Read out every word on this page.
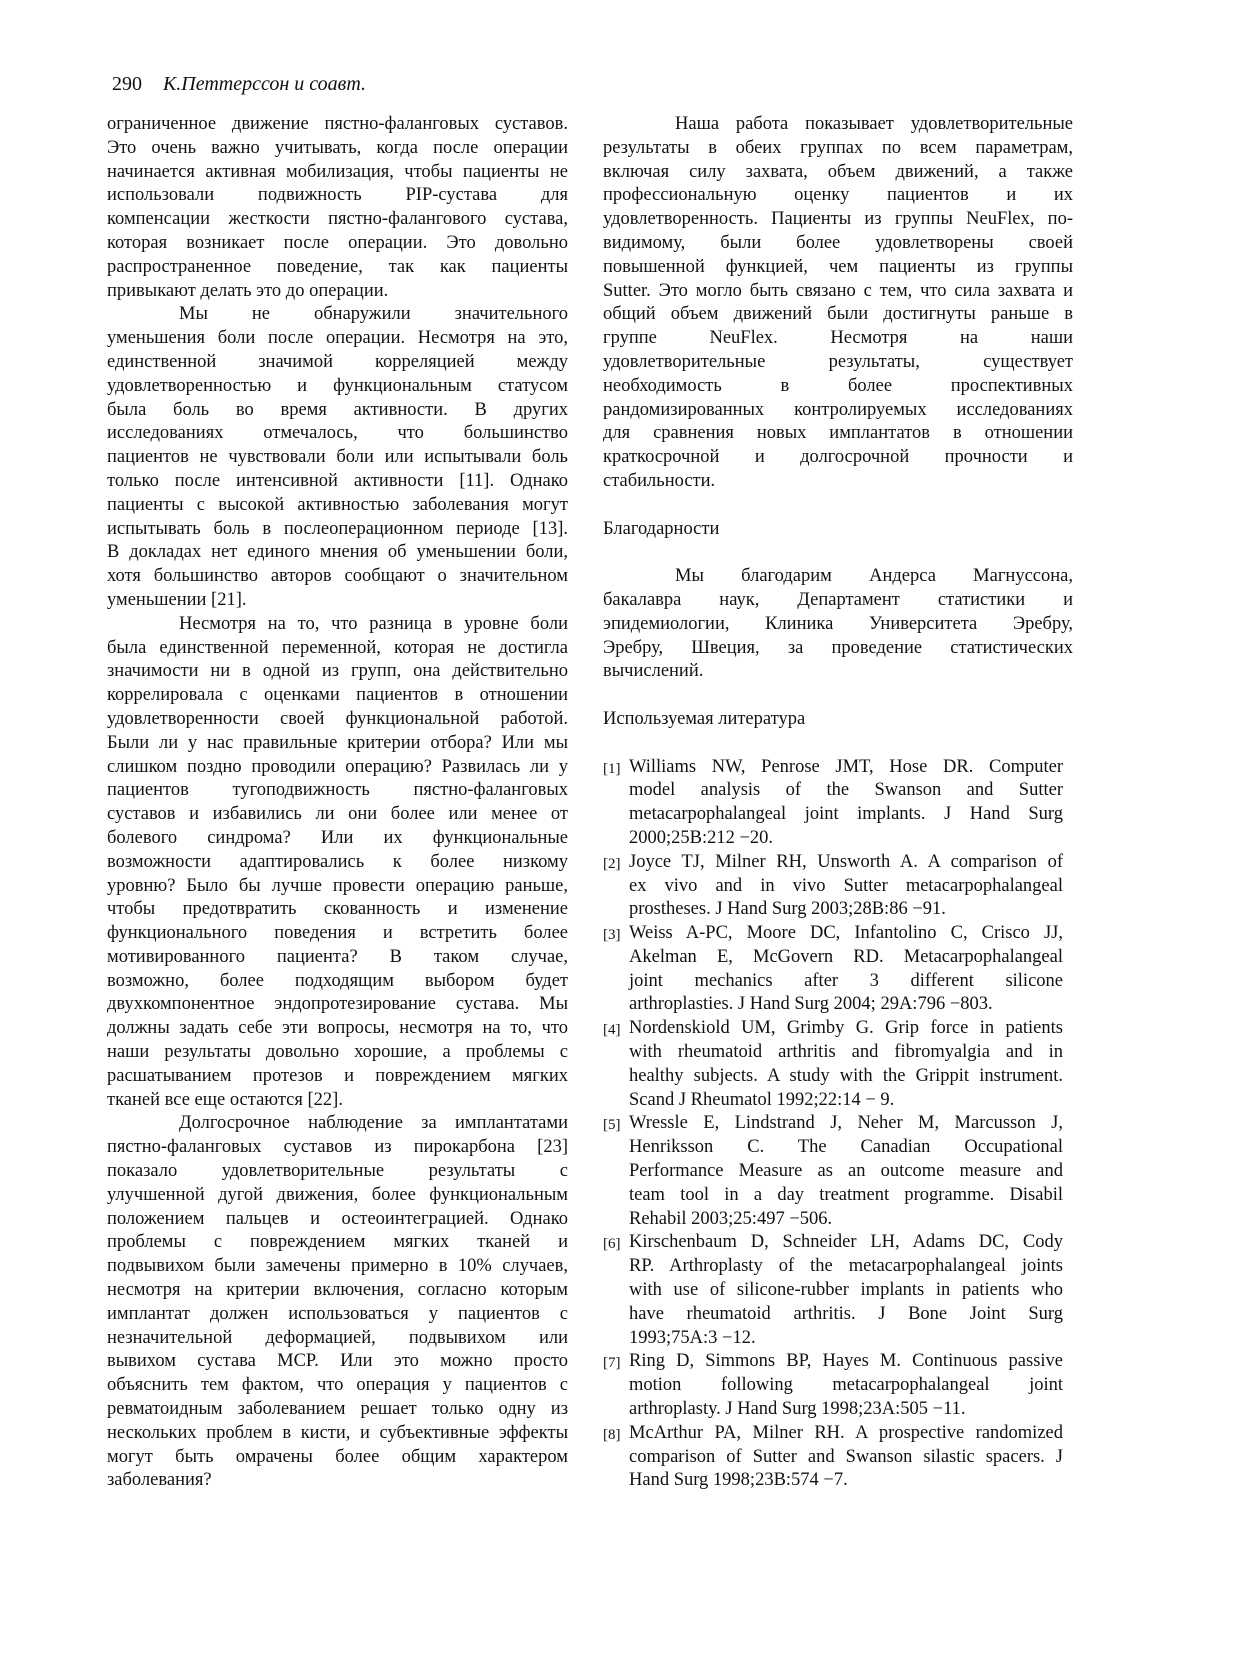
290 К.Петтерссон и соавт.
ограниченное движение пястно-фаланговых суставов.
Это очень важно учитывать, когда после операции
начинается активная мобилизация, чтобы пациенты не
использовали подвижность PIP-сустава для
компенсации жесткости пястно-фалангового сустава,
которая возникает после операции. Это довольно
распространенное поведение, так как пациенты
привыкают делать это до операции.
Мы не обнаружили значительного
уменьшения боли после операции. Несмотря на это,
единственной значимой корреляцией между
удовлетворенностью и функциональным статусом
была боль во время активности. В других
исследованиях отмечалось, что большинство
пациентов не чувствовали боли или испытывали боль
только после интенсивной активности [11]. Однако
пациенты с высокой активностью заболевания могут
испытывать боль в послеоперационном периоде [13].
В докладах нет единого мнения об уменьшении боли,
хотя большинство авторов сообщают о значительном
уменьшении [21].
Несмотря на то, что разница в уровне боли
была единственной переменной, которая не достигла
значимости ни в одной из групп, она действительно
коррелировала с оценками пациентов в отношении
удовлетворенности своей функциональной работой.
Были ли у нас правильные критерии отбора? Или мы
слишком поздно проводили операцию? Развилась ли у
пациентов тугоподвижность пястно-фаланговых
суставов и избавились ли они более или менее от
болевого синдрома? Или их функциональные
возможности адаптировались к более низкому
уровню? Было бы лучше провести операцию раньше,
чтобы предотвратить скованность и изменение
функционального поведения и встретить более
мотивированного пациента? В таком случае,
возможно, более подходящим выбором будет
двухкомпонентное эндопротезирование сустава. Мы
должны задать себе эти вопросы, несмотря на то, что
наши результаты довольно хорошие, а проблемы с
расшатыванием протезов и повреждением мягких
тканей все еще остаются [22].
Долгосрочное наблюдение за имплантатами
пястно-фаланговых суставов из пирокарбона [23]
показало удовлетворительные результаты с
улучшенной дугой движения, более функциональным
положением пальцев и остеоинтеграцией. Однако
проблемы с повреждением мягких тканей и
подвывихом были замечены примерно в 10% случаев,
несмотря на критерии включения, согласно которым
имплантат должен использоваться у пациентов с
незначительной деформацией, подвывихом или
вывихом сустава MCP. Или это можно просто
объяснить тем фактом, что операция у пациентов с
ревматоидным заболеванием решает только одну из
нескольких проблем в кисти, и субъективные эффекты
могут быть омрачены более общим характером
заболевания?
Наша работа показывает удовлетворительные
результаты в обеих группах по всем параметрам,
включая силу захвата, объем движений, а также
профессиональную оценку пациентов и их
удовлетворенность. Пациенты из группы NeuFlex, по-
видимому, были более удовлетворены своей
повышенной функцией, чем пациенты из группы
Sutter. Это могло быть связано с тем, что сила захвата и
общий объем движений были достигнуты раньше в
группе NeuFlex. Несмотря на наши
удовлетворительные результаты, существует
необходимость в более проспективных
рандомизированных контролируемых исследованиях
для сравнения новых имплантатов в отношении
краткосрочной и долгосрочной прочности и
стабильности.
Благодарности
Мы благодарим Андерса Магнуссона,
бакалавра наук, Департамент статистики и
эпидемиологии, Клиника Университета Эребру,
Эребру, Швеция, за проведение статистических
вычислений.
Используемая литература
[1] Williams NW, Penrose JMT, Hose DR. Computer
model analysis of the Swanson and Sutter
metacarpophalangeal joint implants. J Hand Surg
2000;25B:212 −20.
[2] Joyce TJ, Milner RH, Unsworth A. A comparison of
ex vivo and in vivo Sutter metacarpophalangeal
prostheses. J Hand Surg 2003;28B:86 −91.
[3] Weiss A-PC, Moore DC, Infantolino C, Crisco JJ,
Akelman E, McGovern RD. Metacarpophalangeal
joint mechanics after 3 different silicone
arthroplasties. J Hand Surg 2004; 29A:796 −803.
[4] Nordenskiold UM, Grimby G. Grip force in patients
with rheumatoid arthritis and fibromyalgia and in
healthy subjects. A study with the Grippit instrument.
Scand J Rheumatol 1992;22:14 − 9.
[5] Wressle E, Lindstrand J, Neher M, Marcusson J,
Henriksson C. The Canadian Occupational
Performance Measure as an outcome measure and
team tool in a day treatment programme. Disabil
Rehabil 2003;25:497 −506.
[6] Kirschenbaum D, Schneider LH, Adams DC, Cody
RP. Arthroplasty of the metacarpophalangeal joints
with use of silicone-rubber implants in patients who
have rheumatoid arthritis. J Bone Joint Surg
1993;75A:3 −12.
[7] Ring D, Simmons BP, Hayes M. Continuous passive
motion following metacarpophalangeal joint
arthroplasty. J Hand Surg 1998;23A:505 −11.
[8] McArthur PA, Milner RH. A prospective randomized
comparison of Sutter and Swanson silastic spacers. J
Hand Surg 1998;23B:574 −7.
